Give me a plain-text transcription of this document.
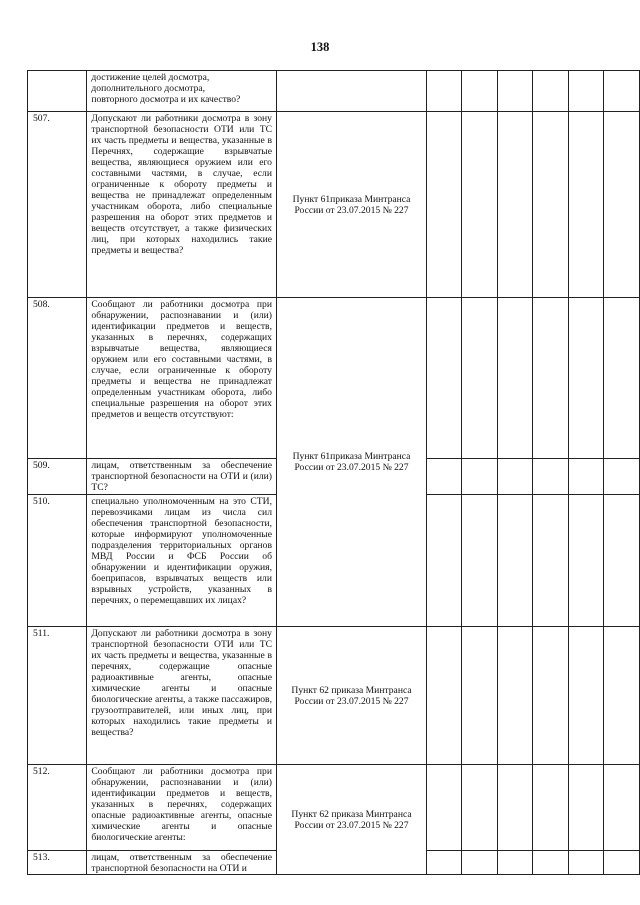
138

	достижение целей досмотра,
дополнительного досмотра,
повторного досмотра и их качество?							

507.	Допускают ли работники досмотра в зону транспортной безопасности ОТИ или ТС их часть предметы и вещества, указанные в Перечнях, содержащие взрывчатые вещества, являющиеся оружием или его составными частями, в случае, если ограниченные к обороту предметы и вещества не принадлежат определенным участникам оборота, либо специальные разрешения на оборот этих предметов и веществ отсутствует, а также физических лиц, при которых находились такие предметы и вещества?	Пункт 61приказа Минтранса
России от 23.07.2015 № 227						

508.	Сообщают ли работники досмотра при обнаружении, распознавании и (или) идентификации предметов и веществ, указанных в перечнях, содержащих взрывчатые вещества, являющиеся оружием или его составными частями, в случае, если ограниченные к обороту предметы и вещества не принадлежат определенным участникам оборота, либо специальные разрешения на оборот этих предметов и веществ отсутствуют:	Пункт 61приказа Минтранса
России от 23.07.2015 № 227						

509.	лицам, ответственным за обеспечение транспортной безопасности на ОТИ и (или) ТС?							

510.	специально уполномоченным на это СТИ, перевозчиками лицам из числа сил обеспечения транспортной безопасности, которые информируют уполномоченные подразделения территориальных органов МВД России и ФСБ России об обнаружении и идентификации оружия, боеприпасов, взрывчатых веществ или взрывных устройств, указанных в перечнях, о перемещавших их лицах?							

511.	Допускают ли работники досмотра в зону транспортной безопасности ОТИ или ТС их часть предметы и вещества, указанные в перечнях, содержащие опасные радиоактивные агенты, опасные химические агенты и опасные биологические агенты, а также пассажиров, грузоотправителей, или иных лиц, при которых находились такие предметы и вещества?	Пункт 62 приказа Минтранса
России от 23.07.2015 № 227						

512.	Сообщают ли работники досмотра при обнаружении, распознавании и (или) идентификации предметов и веществ, указанных в перечнях, содержащих опасные радиоактивные агенты, опасные химические агенты и опасные биологические агенты:	Пункт 62 приказа Минтранса
России от 23.07.2015 № 227						

513.	лицам, ответственным за обеспечение транспортной безопасности на ОТИ и							
